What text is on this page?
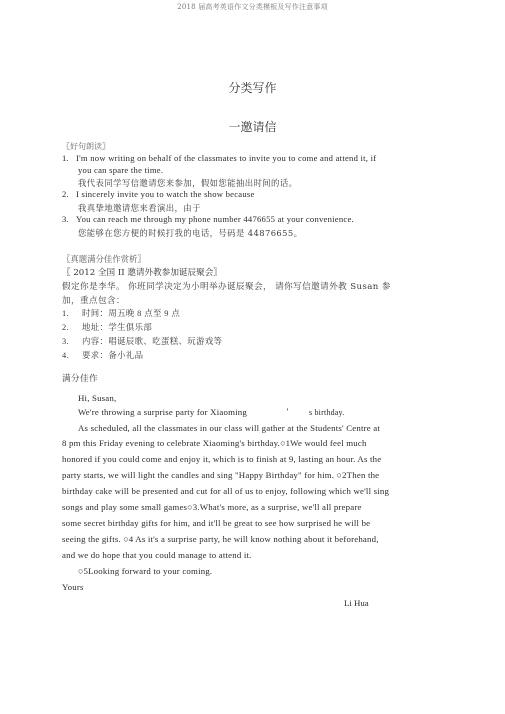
2018 届高考英语作文分类模板及写作注意事项
分类写作
一邀请信
〖好句朗读〗
1. I'm now writing on behalf of the classmates to invite you to come and attend it, if
you can spare the time.
我代表同学写信邀请您来参加，假如您能抽出时间的话。
2. I sincerely invite you to watch the show because
我真挚地邀请您来看演出，由于
3. You can reach me through my phone number 4476655 at your convenience.
您能够在您方便的时候打我的电话，号码是 44876655。
〖真题满分佳作赏析〗
〖 2012 全国 II 邀请外教参加诞辰聚会〗
假定你是李华。 你班同学决定为小明举办诞辰聚会， 请你写信邀请外教 Susan 参
加，重点包含：
1. 时间：周五晚 8 点至 9 点
2. 地址：学生俱乐部
3. 内容：唱诞辰歌、吃蛋糕、玩游戏等
4. 要求：备小礼品
满分佳作
Hi, Susan,
We're throwing a surprise party for Xiaoming	’	s birthday.
As scheduled, all the classmates in our class will gather at the Students' Centre at
8 pm this Friday evening to celebrate Xiaoming's birthday.○1We would feel much
honored if you could come and enjoy it, which is to finish at 9, lasting an hour. As the
party starts, we will light the candles and sing "Happy Birthday" for him. ○2Then the
birthday cake will be presented and cut for all of us to enjoy, following which we'll sing
songs and play some small games○3.What's more, as a surprise, we'll all prepare
some secret birthday gifts for him, and it'll be great to see how surprised he will be
seeing the gifts. ○4 As it's a surprise party, he will know nothing about it beforehand,
and we do hope that you could manage to attend it.
○5Looking forward to your coming.
Yours
Li Hua
